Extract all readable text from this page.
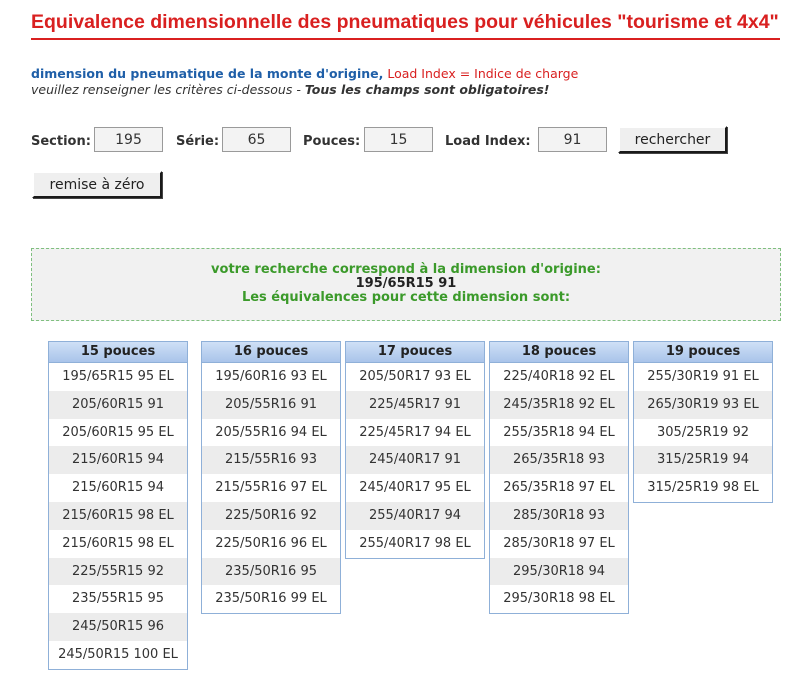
Equivalence dimensionnelle des pneumatiques pour véhicules "tourisme et 4x4"
dimension du pneumatique de la monte d'origine, Load Index = Indice de charge
veuillez renseigner les critères ci-dessous - Tous les champs sont obligatoires!
Section:
195	Série:
65	Pouces:
15	Load Index:
91	rechercher
remise à zéro
votre recherche correspond à la dimension d'origine:
195/65R15 91
Les équivalences pour cette dimension sont:
15 pouces
195/65R15 95 EL
205/60R15 91
205/60R15 95 EL
215/60R15 94
215/60R15 94
215/60R15 98 EL
215/60R15 98 EL
225/55R15 92
235/55R15 95
245/50R15 96
245/50R15 100 EL
16 pouces
195/60R16 93 EL
205/55R16 91
205/55R16 94 EL
215/55R16 93
215/55R16 97 EL
225/50R16 92
225/50R16 96 EL
235/50R16 95
235/50R16 99 EL
17 pouces
205/50R17 93 EL
225/45R17 91
225/45R17 94 EL
245/40R17 91
245/40R17 95 EL
255/40R17 94
255/40R17 98 EL
18 pouces
225/40R18 92 EL
245/35R18 92 EL
255/35R18 94 EL
265/35R18 93
265/35R18 97 EL
285/30R18 93
285/30R18 97 EL
295/30R18 94
295/30R18 98 EL
19 pouces
255/30R19 91 EL
265/30R19 93 EL
305/25R19 92
315/25R19 94
315/25R19 98 EL
